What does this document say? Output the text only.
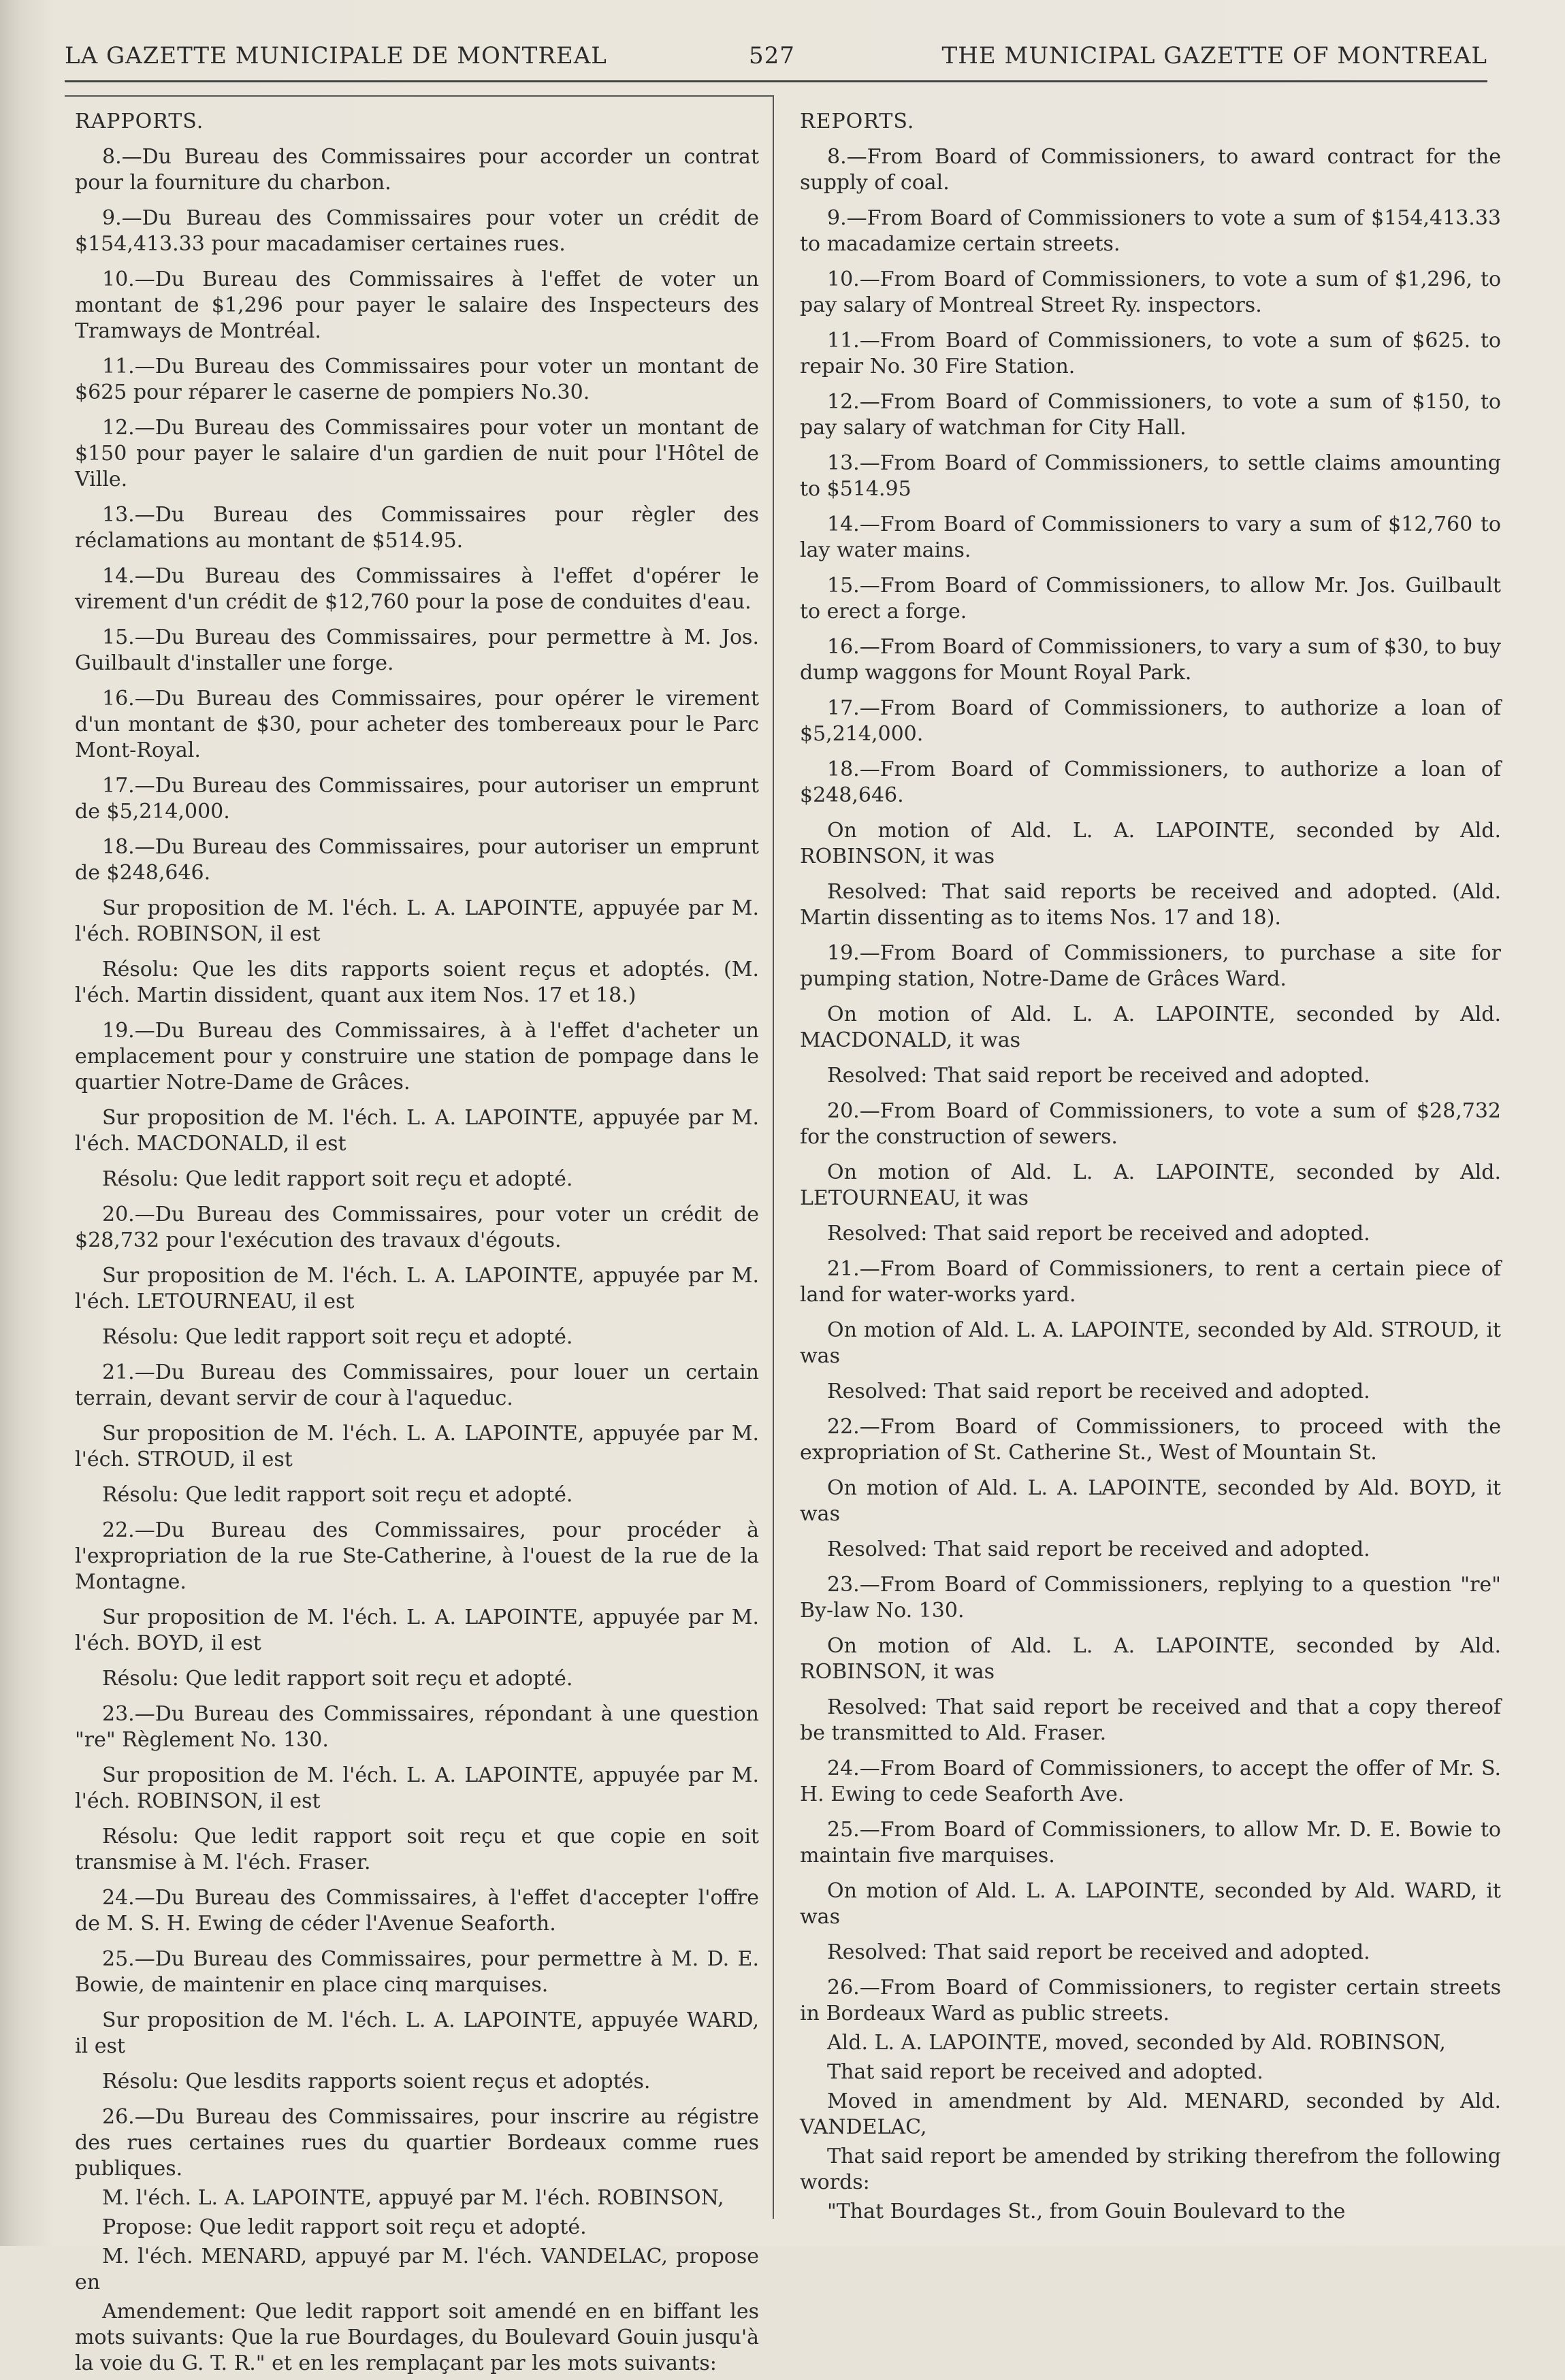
LA GAZETTE MUNICIPALE DE MONTREAL	527	THE MUNICIPAL GAZETTE OF MONTREAL
RAPPORTS.

8.—Du Bureau des Commissaires pour accorder un contrat pour la fourniture du charbon.

9.—Du Bureau des Commissaires pour voter un crédit de $154,413.33 pour macadamiser certaines rues.

10.—Du Bureau des Commissaires à l'effet de voter un montant de $1,296 pour payer le salaire des Inspecteurs des Tramways de Montréal.

11.—Du Bureau des Commissaires pour voter un montant de $625 pour réparer le caserne de pompiers No.30.

12.—Du Bureau des Commissaires pour voter un montant de $150 pour payer le salaire d'un gardien de nuit pour l'Hôtel de Ville.

13.—Du Bureau des Commissaires pour règler des réclamations au montant de $514.95.

14.—Du Bureau des Commissaires à l'effet d'opérer le virement d'un crédit de $12,760 pour la pose de conduites d'eau.

15.—Du Bureau des Commissaires, pour permettre à M. Jos. Guilbault d'installer une forge.

16.—Du Bureau des Commissaires, pour opérer le virement d'un montant de $30, pour acheter des tombereaux pour le Parc Mont-Royal.

17.—Du Bureau des Commissaires, pour autoriser un emprunt de $5,214,000.

18.—Du Bureau des Commissaires, pour autoriser un emprunt de $248,646.

Sur proposition de M. l'éch. L. A. LAPOINTE, appuyée par M. l'éch. ROBINSON, il est

Résolu: Que les dits rapports soient reçus et adoptés. (M. l'éch. Martin dissident, quant aux item Nos. 17 et 18.)

19.—Du Bureau des Commissaires, à à l'effet d'acheter un emplacement pour y construire une station de pompage dans le quartier Notre-Dame de Grâces.

Sur proposition de M. l'éch. L. A. LAPOINTE, appuyée par M. l'éch. MACDONALD, il est

Résolu: Que ledit rapport soit reçu et adopté.

20.—Du Bureau des Commissaires, pour voter un crédit de $28,732 pour l'exécution des travaux d'égouts.

Sur proposition de M. l'éch. L. A. LAPOINTE, appuyée par M. l'éch. LETOURNEAU, il est

Résolu: Que ledit rapport soit reçu et adopté.

21.—Du Bureau des Commissaires, pour louer un certain terrain, devant servir de cour à l'aqueduc.

Sur proposition de M. l'éch. L. A. LAPOINTE, appuyée par M. l'éch. STROUD, il est

Résolu: Que ledit rapport soit reçu et adopté.

22.—Du Bureau des Commissaires, pour procéder à l'expropriation de la rue Ste-Catherine, à l'ouest de la rue de la Montagne.

Sur proposition de M. l'éch. L. A. LAPOINTE, appuyée par M. l'éch. BOYD, il est

Résolu: Que ledit rapport soit reçu et adopté.

23.—Du Bureau des Commissaires, répondant à une question "re" Règlement No. 130.

Sur proposition de M. l'éch. L. A. LAPOINTE, appuyée par M. l'éch. ROBINSON, il est

Résolu: Que ledit rapport soit reçu et que copie en soit transmise à M. l'éch. Fraser.

24.—Du Bureau des Commissaires, à l'effet d'accepter l'offre de M. S. H. Ewing de céder l'Avenue Seaforth.

25.—Du Bureau des Commissaires, pour permettre à M. D. E. Bowie, de maintenir en place cinq marquises.

Sur proposition de M. l'éch. L. A. LAPOINTE, appuyée WARD, il est

Résolu: Que lesdits rapports soient reçus et adoptés.

26.—Du Bureau des Commissaires, pour inscrire au régistre des rues certaines rues du quartier Bordeaux comme rues publiques.

M. l'éch. L. A. LAPOINTE, appuyé par M. l'éch. ROBINSON,

Propose: Que ledit rapport soit reçu et adopté.

M. l'éch. MENARD, appuyé par M. l'éch. VANDELAC, propose en

Amendement: Que ledit rapport soit amendé en en biffant les mots suivants: Que la rue Bourdages, du Boulevard Gouin jusqu'à la voie du G. T. R." et en les remplaçant par les mots suivants:

REPORTS.

8.—From Board of Commissioners, to award contract for the supply of coal.

9.—From Board of Commissioners to vote a sum of $154,413.33 to macadamize certain streets.

10.—From Board of Commissioners, to vote a sum of $1,296, to pay salary of Montreal Street Ry. inspectors.

11.—From Board of Commissioners, to vote a sum of $625. to repair No. 30 Fire Station.

12.—From Board of Commissioners, to vote a sum of $150, to pay salary of watchman for City Hall.

13.—From Board of Commissioners, to settle claims amounting to $514.95

14.—From Board of Commissioners to vary a sum of $12,760 to lay water mains.

15.—From Board of Commissioners, to allow Mr. Jos. Guilbault to erect a forge.

16.—From Board of Commissioners, to vary a sum of $30, to buy dump waggons for Mount Royal Park.

17.—From Board of Commissioners, to authorize a loan of $5,214,000.

18.—From Board of Commissioners, to authorize a loan of $248,646.

On motion of Ald. L. A. LAPOINTE, seconded by Ald. ROBINSON, it was

Resolved: That said reports be received and adopted. (Ald. Martin dissenting as to items Nos. 17 and 18).

19.—From Board of Commissioners, to purchase a site for pumping station, Notre-Dame de Grâces Ward.

On motion of Ald. L. A. LAPOINTE, seconded by Ald. MACDONALD, it was

Resolved: That said report be received and adopted.

20.—From Board of Commissioners, to vote a sum of $28,732 for the construction of sewers.

On motion of Ald. L. A. LAPOINTE, seconded by Ald. LETOURNEAU, it was

Resolved: That said report be received and adopted.

21.—From Board of Commissioners, to rent a certain piece of land for water-works yard.

On motion of Ald. L. A. LAPOINTE, seconded by Ald. STROUD, it was

Resolved: That said report be received and adopted.

22.—From Board of Commissioners, to proceed with the expropriation of St. Catherine St., West of Mountain St.

On motion of Ald. L. A. LAPOINTE, seconded by Ald. BOYD, it was

Resolved: That said report be received and adopted.

23.—From Board of Commissioners, replying to a question "re" By-law No. 130.

On motion of Ald. L. A. LAPOINTE, seconded by Ald. ROBINSON, it was

Resolved: That said report be received and that a copy thereof be transmitted to Ald. Fraser.

24.—From Board of Commissioners, to accept the offer of Mr. S. H. Ewing to cede Seaforth Ave.

25.—From Board of Commissioners, to allow Mr. D. E. Bowie to maintain five marquises.

On motion of Ald. L. A. LAPOINTE, seconded by Ald. WARD, it was

Resolved: That said report be received and adopted.

26.—From Board of Commissioners, to register certain streets in Bordeaux Ward as public streets.

Ald. L. A. LAPOINTE, moved, seconded by Ald. ROBINSON,

That said report be received and adopted.

Moved in amendment by Ald. MENARD, seconded by Ald. VANDELAC,

That said report be amended by striking therefrom the following words:

"That Bourdages St., from Gouin Boulevard to the
